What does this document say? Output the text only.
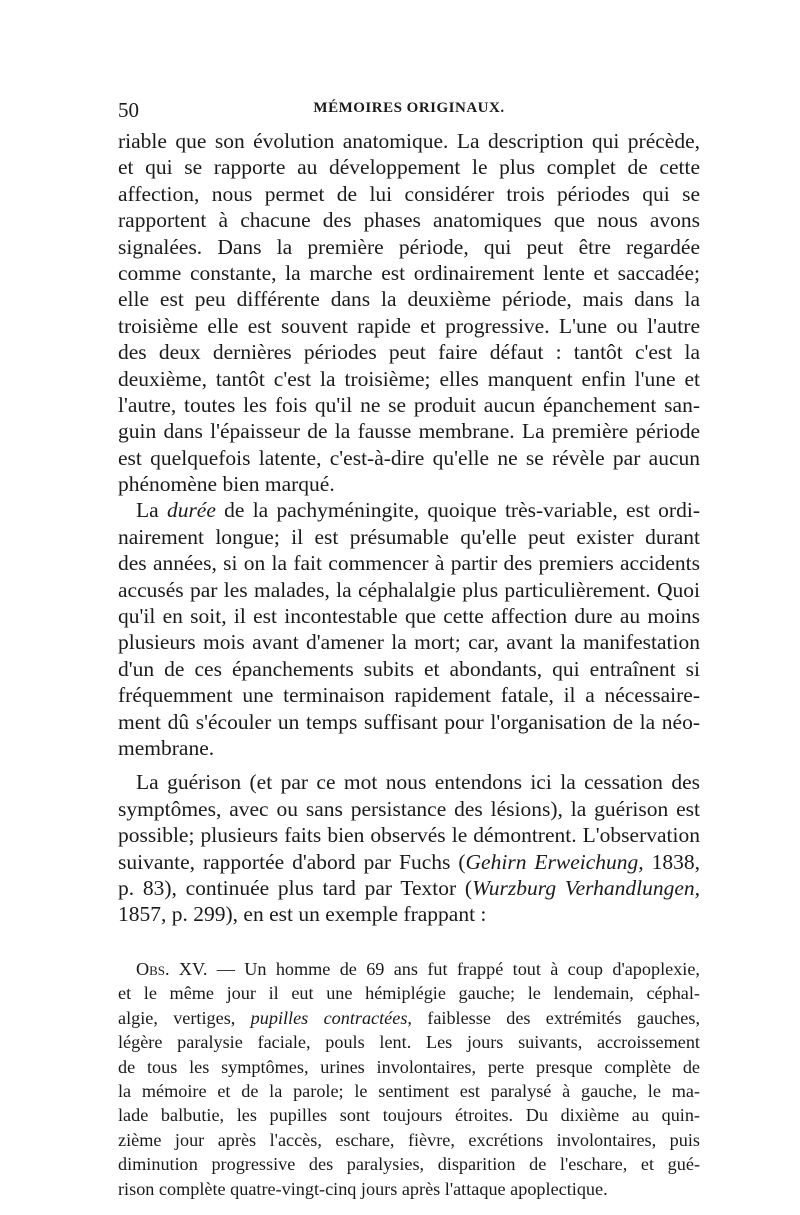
50	MÉMOIRES ORIGINAUX.
riable que son évolution anatomique. La description qui précède,
et qui se rapporte au développement le plus complet de cette
affection, nous permet de lui considérer trois périodes qui se
rapportent à chacune des phases anatomiques que nous avons
signalées. Dans la première période, qui peut être regardée
comme constante, la marche est ordinairement lente et saccadée;
elle est peu différente dans la deuxième période, mais dans la
troisième elle est souvent rapide et progressive. L'une ou l'autre
des deux dernières périodes peut faire défaut : tantôt c'est la
deuxième, tantôt c'est la troisième; elles manquent enfin l'une et
l'autre, toutes les fois qu'il ne se produit aucun épanchement san-
guin dans l'épaisseur de la fausse membrane. La première période
est quelquefois latente, c'est-à-dire qu'elle ne se révèle par aucun
phénomène bien marqué.
La durée de la pachyméningite, quoique très-variable, est ordi-
nairement longue; il est présumable qu'elle peut exister durant
des années, si on la fait commencer à partir des premiers accidents
accusés par les malades, la céphalalgie plus particulièrement. Quoi
qu'il en soit, il est incontestable que cette affection dure au moins
plusieurs mois avant d'amener la mort; car, avant la manifestation
d'un de ces épanchements subits et abondants, qui entraînent si
fréquemment une terminaison rapidement fatale, il a nécessaire-
ment dû s'écouler un temps suffisant pour l'organisation de la néo-
membrane.
La guérison (et par ce mot nous entendons ici la cessation des
symptômes, avec ou sans persistance des lésions), la guérison est
possible; plusieurs faits bien observés le démontrent. L'observation
suivante, rapportée d'abord par Fuchs (Gehirn Erweichung, 1838,
p. 83), continuée plus tard par Textor (Wurzburg Verhandlungen,
1857, p. 299), en est un exemple frappant :
Obs. XV. — Un homme de 69 ans fut frappé tout à coup d'apoplexie,
et le même jour il eut une hémiplégie gauche; le lendemain, céphal-
algie, vertiges, pupilles contractées, faiblesse des extrémités gauches,
légère paralysie faciale, pouls lent. Les jours suivants, accroissement
de tous les symptômes, urines involontaires, perte presque complète de
la mémoire et de la parole; le sentiment est paralysé à gauche, le ma-
lade balbutie, les pupilles sont toujours étroites. Du dixième au quin-
zième jour après l'accès, eschare, fièvre, excrétions involontaires, puis
diminution progressive des paralysies, disparition de l'eschare, et gué-
rison complète quatre-vingt-cinq jours après l'attaque apoplectique.
